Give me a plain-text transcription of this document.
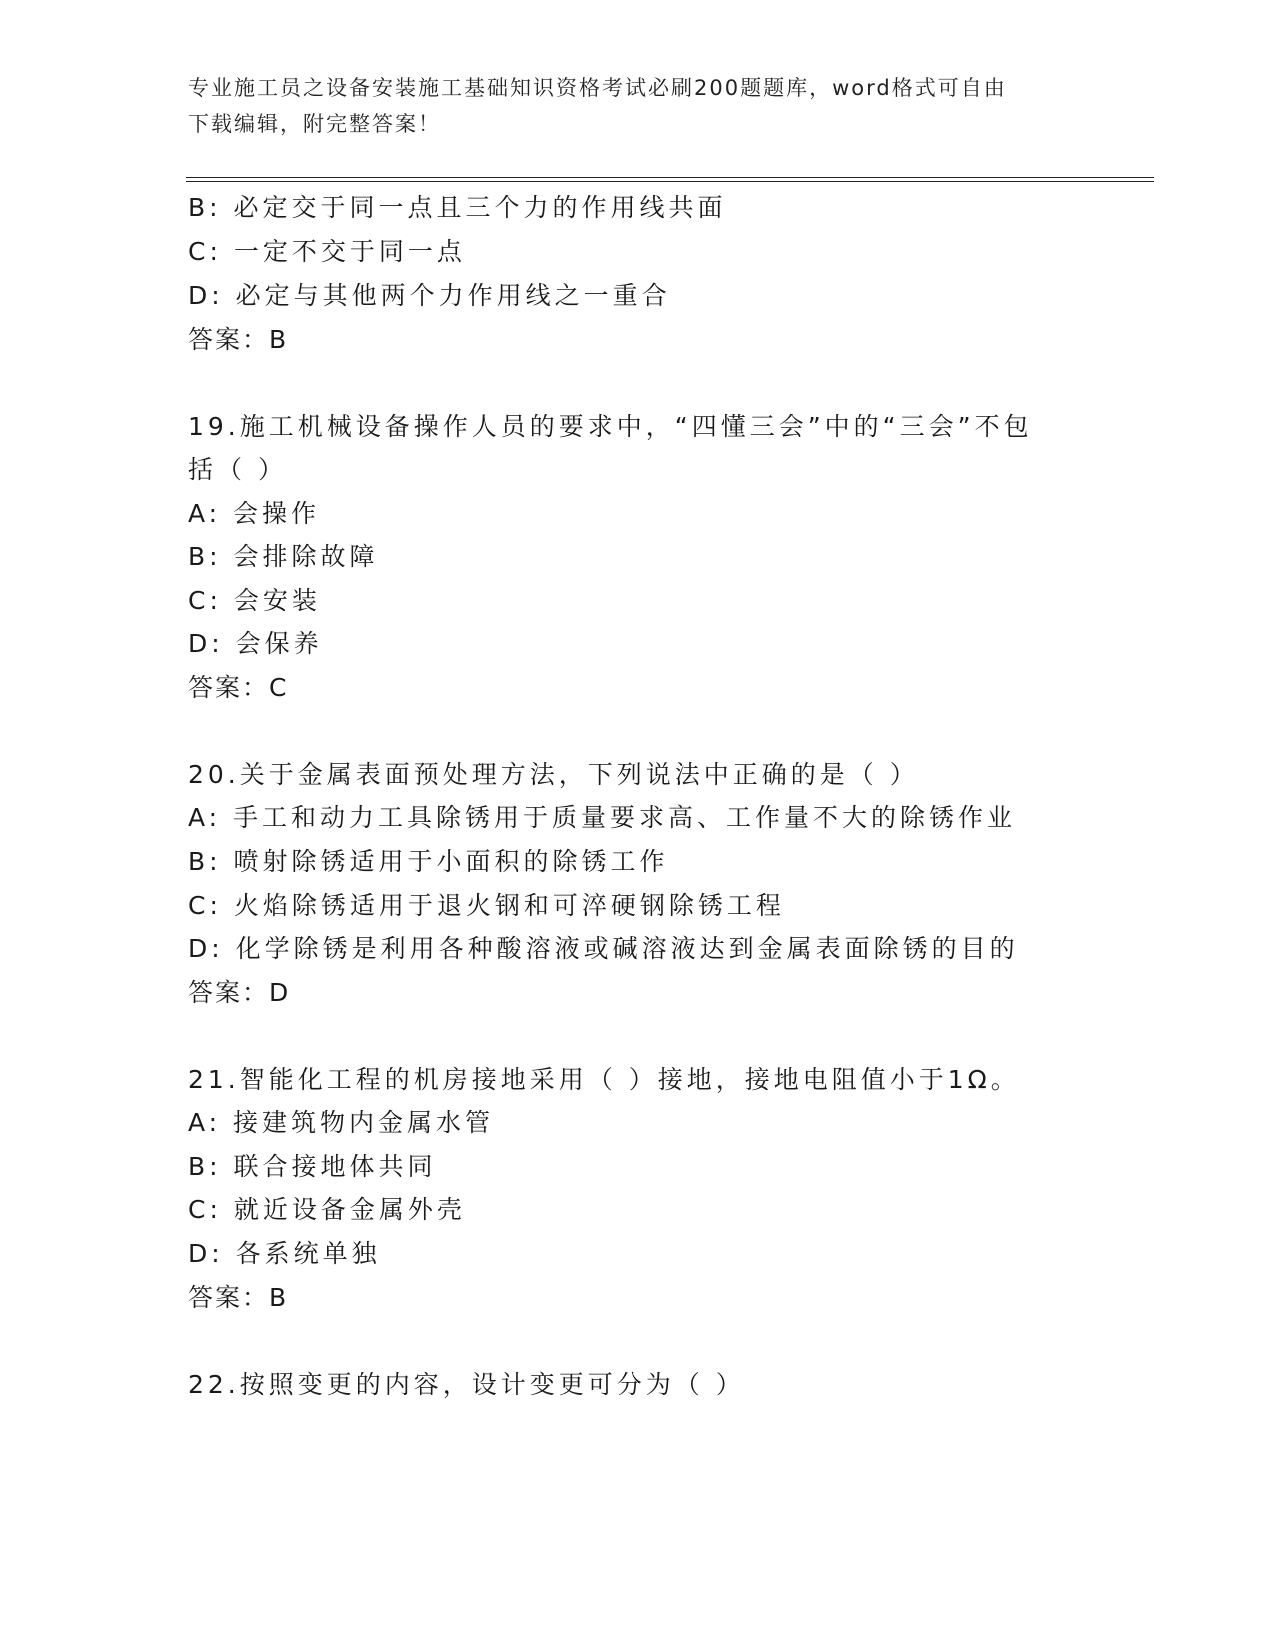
专业施工员之设备安装施工基础知识资格考试必刷200题题库，word格式可自由
下载编辑，附完整答案！
B: 必定交于同一点且三个力的作用线共面
C: 一定不交于同一点
D: 必定与其他两个力作用线之一重合
答案：B
19.施工机械设备操作人员的要求中，“四懂三会”中的“三会”不包
括（ ）
A: 会操作
B: 会排除故障
C: 会安装
D: 会保养
答案：C
20.关于金属表面预处理方法，下列说法中正确的是（ ）
A: 手工和动力工具除锈用于质量要求高、工作量不大的除锈作业
B: 喷射除锈适用于小面积的除锈工作
C: 火焰除锈适用于退火钢和可淬硬钢除锈工程
D: 化学除锈是利用各种酸溶液或碱溶液达到金属表面除锈的目的
答案：D
21.智能化工程的机房接地采用（ ）接地，接地电阻值小于1Ω。
A: 接建筑物内金属水管
B: 联合接地体共同
C: 就近设备金属外壳
D: 各系统单独
答案：B
22.按照变更的内容，设计变更可分为（ ）
